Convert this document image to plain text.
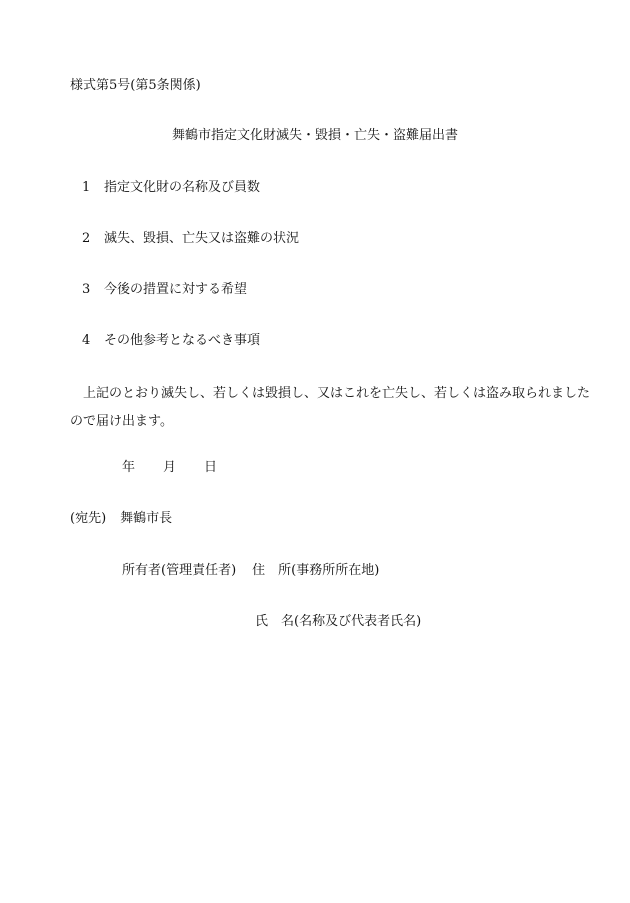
様式第5号(第5条関係)
舞鶴市指定文化財滅失・毀損・亡失・盗難届出書
1 指定文化財の名称及び員数
2 滅失、毀損、亡失又は盗難の状況
3 今後の措置に対する希望
4 その他参考となるべき事項
上記のとおり滅失し、若しくは毀損し、又はこれを亡失し、若しくは盗み取られましたので届け出ます。
年 月 日
(宛先) 舞鶴市長
所有者(管理責任者) 住　所(事務所所在地)
氏　名(名称及び代表者氏名)
